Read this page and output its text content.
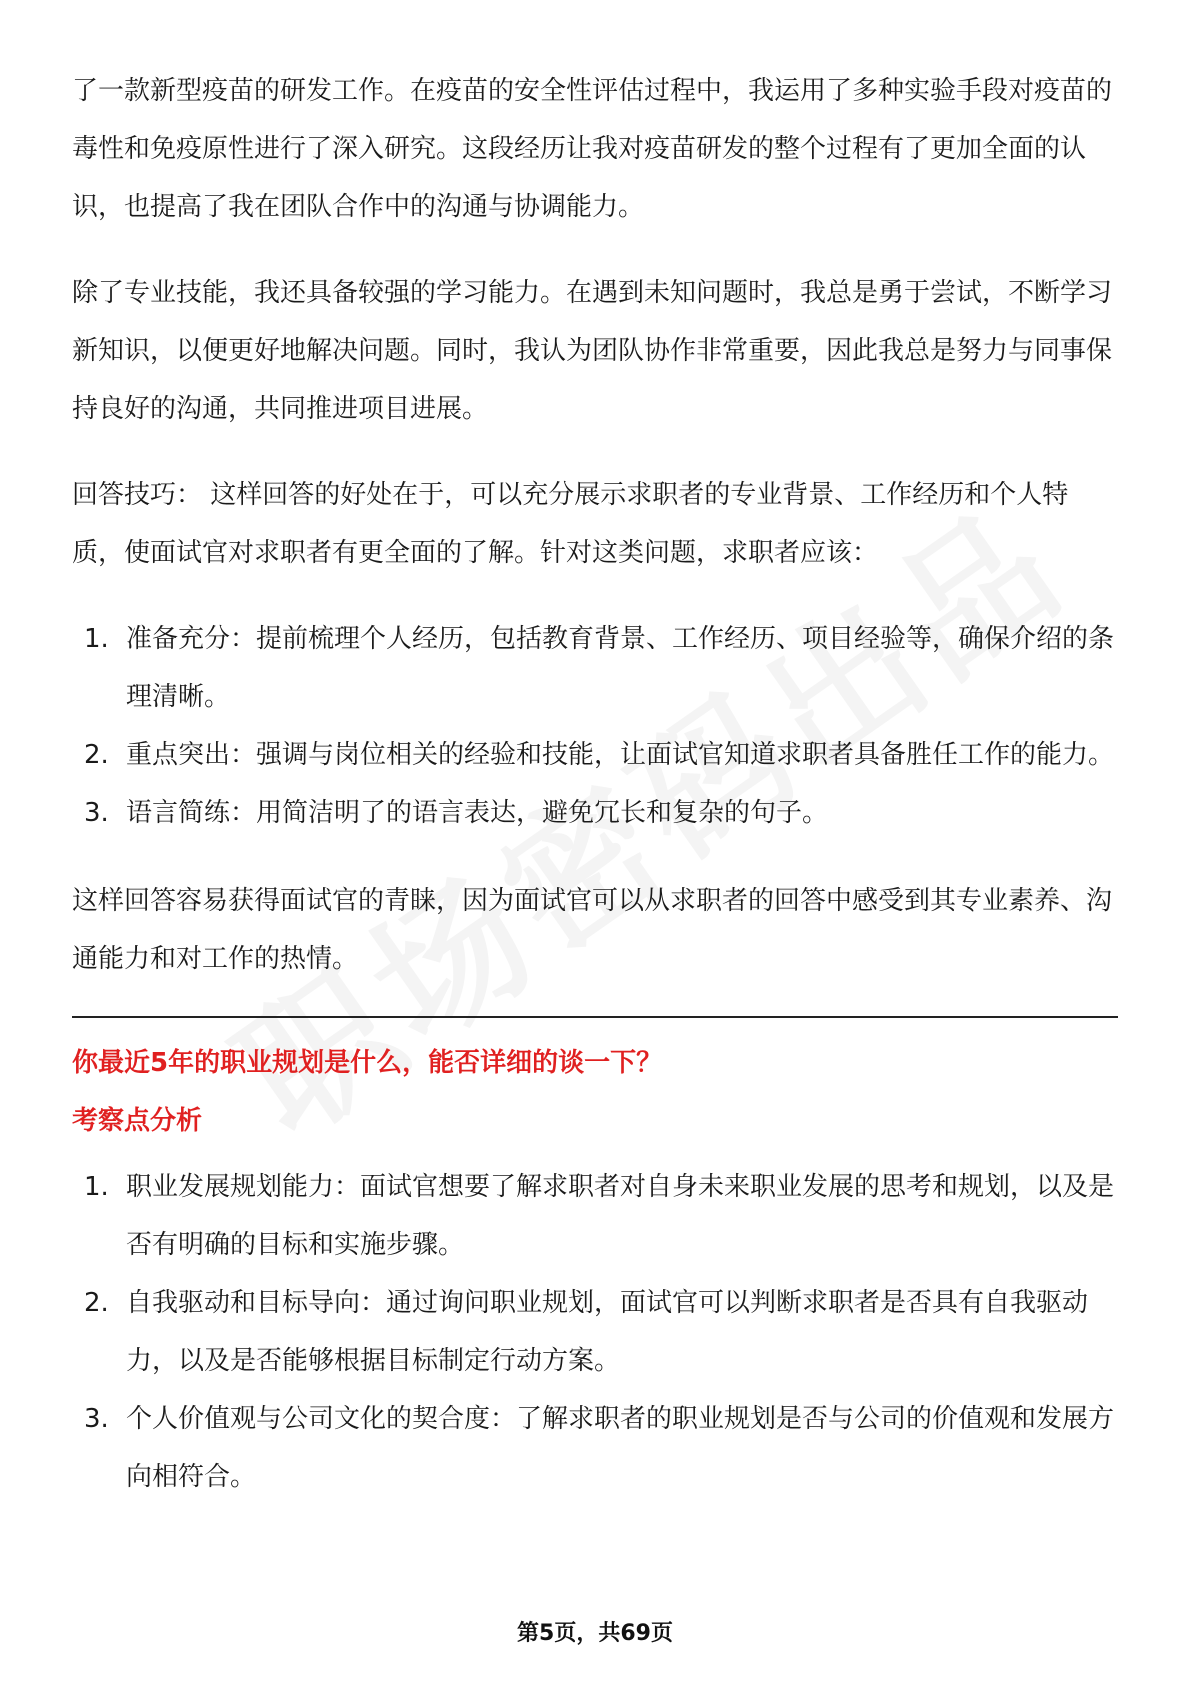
了一款新型疫苗的研发工作。在疫苗的安全性评估过程中，我运用了多种实验手段对疫苗的毒性和免疫原性进行了深入研究。这段经历让我对疫苗研发的整个过程有了更加全面的认识，也提高了我在团队合作中的沟通与协调能力。

除了专业技能，我还具备较强的学习能力。在遇到未知问题时，我总是勇于尝试，不断学习新知识，以便更好地解决问题。同时，我认为团队协作非常重要，因此我总是努力与同事保持良好的沟通，共同推进项目进展。

回答技巧： 这样回答的好处在于，可以充分展示求职者的专业背景、工作经历和个人特质，使面试官对求职者有更全面的了解。针对这类问题，求职者应该：

1. 准备充分：提前梳理个人经历，包括教育背景、工作经历、项目经验等，确保介绍的条理清晰。
2. 重点突出：强调与岗位相关的经验和技能，让面试官知道求职者具备胜任工作的能力。
3. 语言简练：用简洁明了的语言表达，避免冗长和复杂的句子。

这样回答容易获得面试官的青睐，因为面试官可以从求职者的回答中感受到其专业素养、沟通能力和对工作的热情。

你最近5年的职业规划是什么，能否详细的谈一下？

考察点分析

1. 职业发展规划能力：面试官想要了解求职者对自身未来职业发展的思考和规划，以及是否有明确的目标和实施步骤。
2. 自我驱动和目标导向：通过询问职业规划，面试官可以判断求职者是否具有自我驱动力，以及是否能够根据目标制定行动方案。
3. 个人价值观与公司文化的契合度：了解求职者的职业规划是否与公司的价值观和发展方向相符合。
第5页，共69页
